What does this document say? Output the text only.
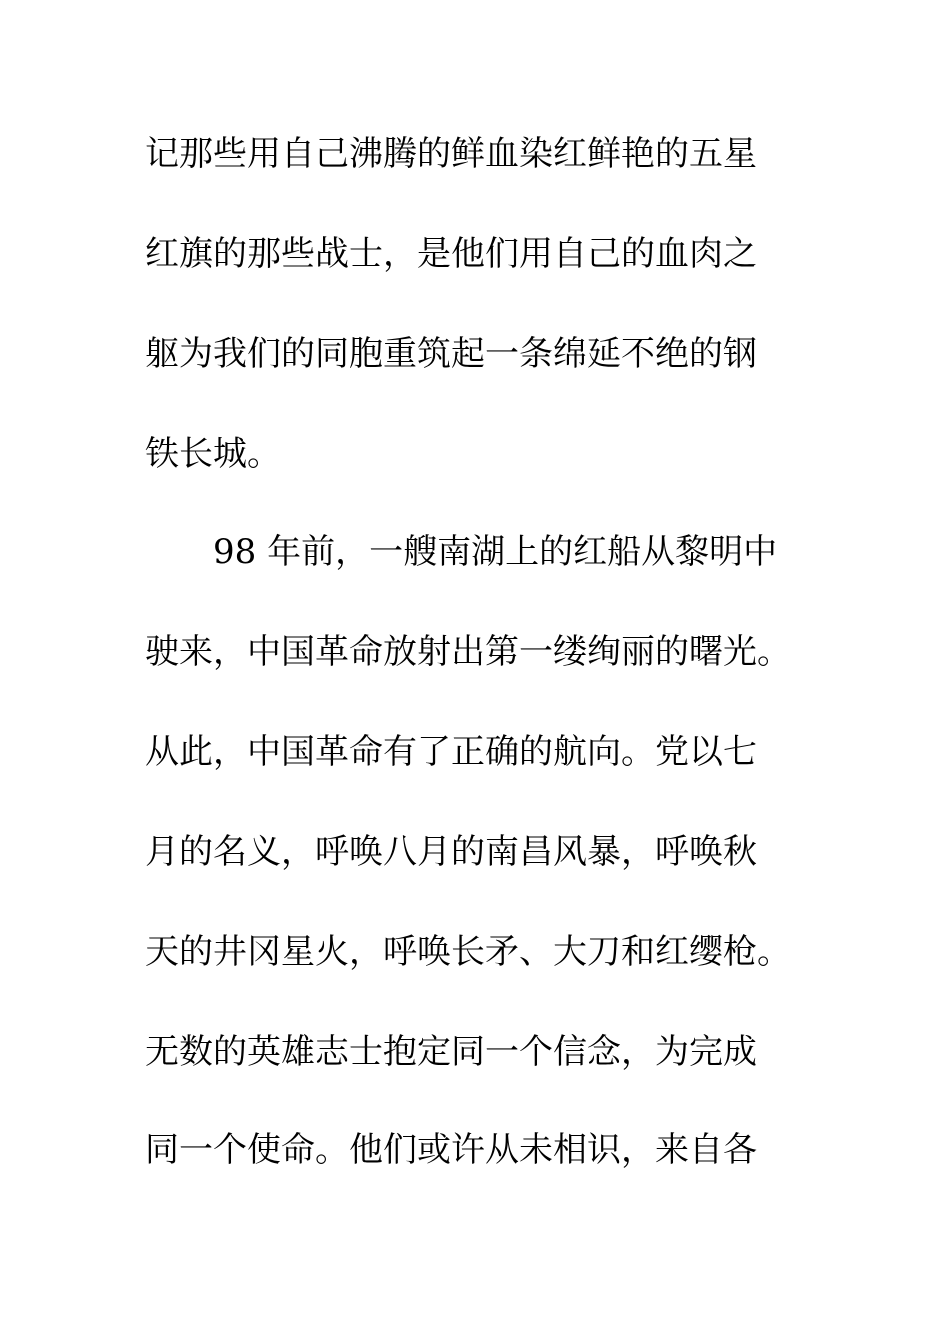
记那些用自己沸腾的鲜血染红鲜艳的五星
红旗的那些战士，是他们用自己的血肉之
躯为我们的同胞重筑起一条绵延不绝的钢
铁长城。
98 年前，一艘南湖上的红船从黎明中
驶来，中国革命放射出第一缕绚丽的曙光。
从此，中国革命有了正确的航向。党以七
月的名义，呼唤八月的南昌风暴，呼唤秋
天的井冈星火，呼唤长矛、大刀和红缨枪。
无数的英雄志士抱定同一个信念，为完成
同一个使命。他们或许从未相识，来自各
